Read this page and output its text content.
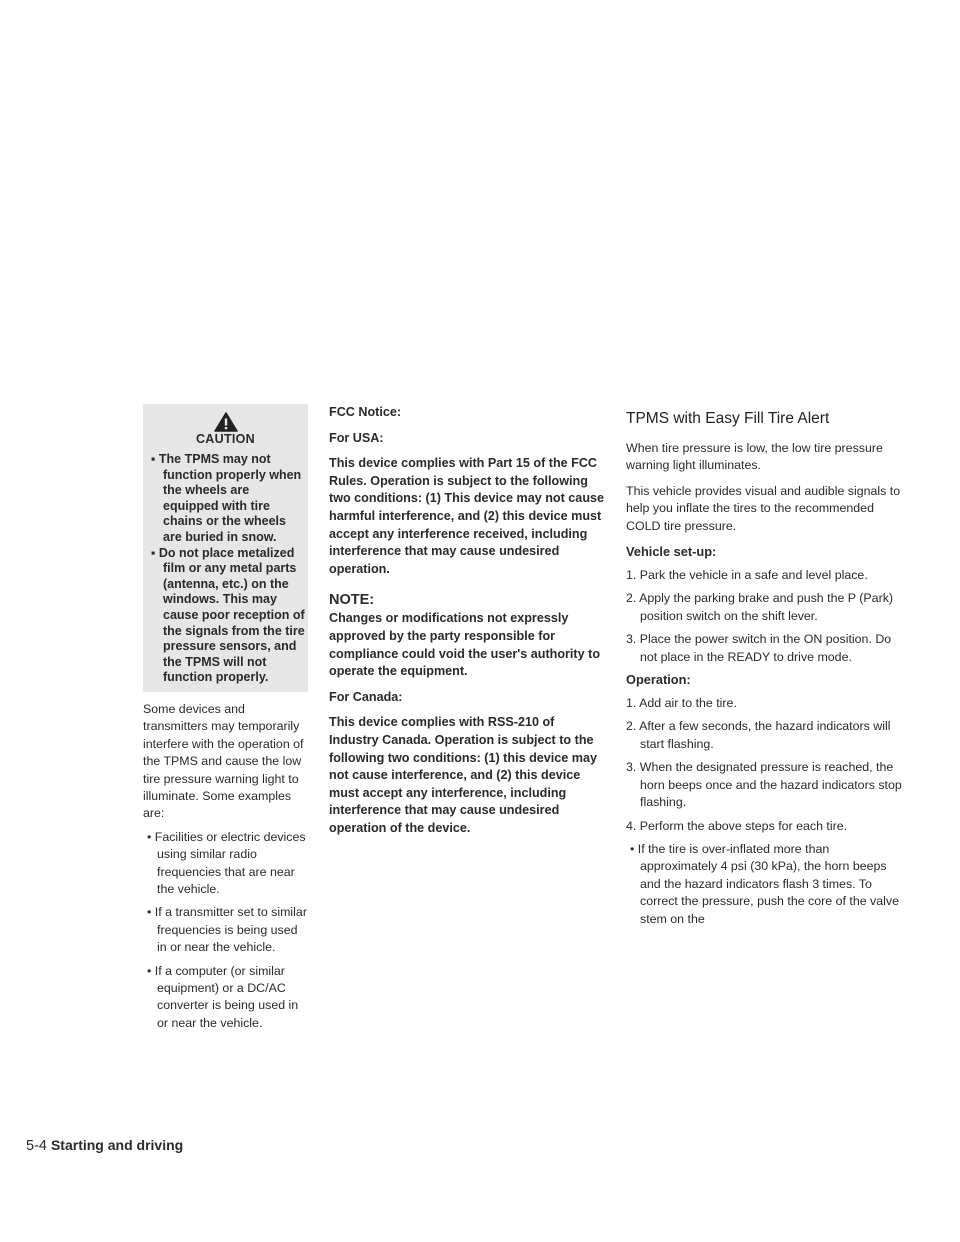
CAUTION
▪ The TPMS may not function properly when the wheels are equipped with tire chains or the wheels are buried in snow.
▪ Do not place metalized film or any metal parts (antenna, etc.) on the windows. This may cause poor reception of the signals from the tire pressure sensors, and the TPMS will not function properly.

Some devices and transmitters may temporarily interfere with the operation of the TPMS and cause the low tire pressure warning light to illuminate. Some examples are:

• Facilities or electric devices using similar radio frequencies that are near the vehicle.
• If a transmitter set to similar frequencies is being used in or near the vehicle.
• If a computer (or similar equipment) or a DC/AC converter is being used in or near the vehicle.

FCC Notice:

For USA:

This device complies with Part 15 of the FCC Rules. Operation is subject to the following two conditions: (1) This device may not cause harmful interference, and (2) this device must accept any interference received, including interference that may cause undesired operation.

NOTE:

Changes or modifications not expressly approved by the party responsible for compliance could void the user's authority to operate the equipment.

For Canada:

This device complies with RSS-210 of Industry Canada. Operation is subject to the following two conditions: (1) this device may not cause interference, and (2) this device must accept any interference, including interference that may cause undesired operation of the device.

TPMS with Easy Fill Tire Alert

When tire pressure is low, the low tire pressure warning light illuminates.

This vehicle provides visual and audible signals to help you inflate the tires to the recommended COLD tire pressure.

Vehicle set-up:

1. Park the vehicle in a safe and level place.
2. Apply the parking brake and push the P (Park) position switch on the shift lever.
3. Place the power switch in the ON position. Do not place in the READY to drive mode.

Operation:

1. Add air to the tire.
2. After a few seconds, the hazard indicators will start flashing.
3. When the designated pressure is reached, the horn beeps once and the hazard indicators stop flashing.
4. Perform the above steps for each tire.
• If the tire is over-inflated more than approximately 4 psi (30 kPa), the horn beeps and the hazard indicators flash 3 times. To correct the pressure, push the core of the valve stem on the
5-4 Starting and driving
